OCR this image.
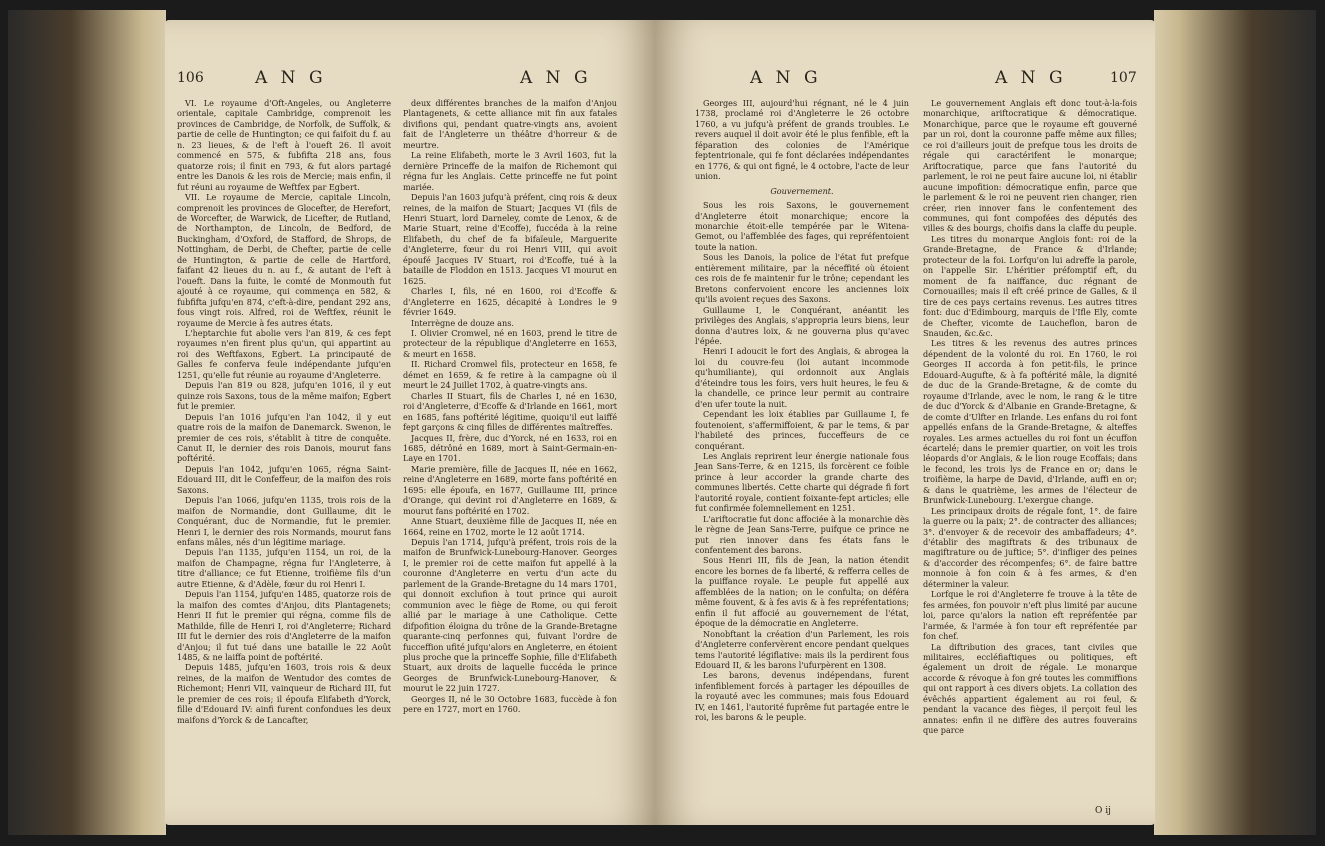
106	A N G	A N G

VI. Le royaume d'Oft-Angeles, ou Angleterre orientale, capitale Cambridge, comprenoit les provinces de Cambridge, de Norfolk, de Suffolk, & partie de celle de Huntington; ce qui faifoit du f. au n. 23 lieues, & de l'eft à l'oueft 26. Il avoit commencé en 575, & fubfifta 218 ans, fous quatorze rois; il finit en 793, & fut alors partagé entre les Danois & les rois de Mercie; mais enfin, il fut réuni au royaume de Weftfex par Egbert.

VII. Le royaume de Mercie, capitale Lincoln, comprenoit les provinces de Glocefter, de Herefort, de Worcefter, de Warwick, de Licefter, de Rutland, de Northampton, de Lincoln, de Bedford, de Buckingham, d'Oxford, de Stafford, de Shrops, de Nottingham, de Derbi, de Chefter, partie de celle de Huntington, & partie de celle de Hartford, faifant 42 lieues du n. au f., & autant de l'eft à l'oueft. Dans la fuite, le comté de Monmouth fut ajouté à ce royaume, qui commença en 582, & fubfifta jufqu'en 874, c'eft-à-dire, pendant 292 ans, fous vingt rois. Alfred, roi de Weftfex, réunit le royaume de Mercie à fes autres états.

L'heptarchie fut abolie vers l'an 819, & ces fept royaumes n'en firent plus qu'un, qui appartint au roi des Weftfaxons, Egbert. La principauté de Galles fe conferva feule indépendante jufqu'en 1251, qu'elle fut réunie au royaume d'Angleterre.

Depuis l'an 819 ou 828, jufqu'en 1016, il y eut quinze rois Saxons, tous de la même maifon; Egbert fut le premier.

Depuis l'an 1016 jufqu'en l'an 1042, il y eut quatre rois de la maifon de Danemarck. Swenon, le premier de ces rois, s'établit à titre de conquête. Canut II, le dernier des rois Danois, mourut fans poftérité.

Depuis l'an 1042, jufqu'en 1065, régna Saint-Edouard III, dit le Confeffeur, de la maifon des rois Saxons.

Depuis l'an 1066, jufqu'en 1135, trois rois de la maifon de Normandie, dont Guillaume, dit le Conquérant, duc de Normandie, fut le premier. Henri I, le dernier des rois Normands, mourut fans enfans mâles, nés d'un légitime mariage.

Depuis l'an 1135, jufqu'en 1154, un roi, de la maifon de Champagne, régna fur l'Angleterre, à titre d'alliance; ce fut Etienne, troifième fils d'un autre Etienne, & d'Adèle, fœur du roi Henri I.

Depuis l'an 1154, jufqu'en 1485, quatorze rois de la maifon des comtes d'Anjou, dits Plantagenets; Henri II fut le premier qui régna, comme fils de Mathilde, fille de Henri I, roi d'Angleterre; Richard III fut le dernier des rois d'Angleterre de la maifon d'Anjou; il fut tué dans une bataille le 22 Août 1485, & ne laiffa point de poftérité.

Depuis 1485, jufqu'en 1603, trois rois & deux reines, de la maifon de Wentudor des comtes de Richemont; Henri VII, vainqueur de Richard III, fut le premier de ces rois; il époufa Elifabeth d'Yorck, fille d'Edouard IV: ainfi furent confondues les deux maifons d'Yorck & de Lancafter,

deux différentes branches de la maifon d'Anjou Plantagenets, & cette alliance mit fin aux fatales divifions qui, pendant quatre-vingts ans, avoient fait de l'Angleterre un théâtre d'horreur & de meurtre.

La reine Elifabeth, morte le 3 Avril 1603, fut la dernière Princeffe de la maifon de Richemont qui régna fur les Anglais. Cette princeffe ne fut point mariée.

Depuis l'an 1603 jufqu'à préfent, cinq rois & deux reines, de la maifon de Stuart; Jacques VI (fils de Henri Stuart, lord Darneley, comte de Lenox, & de Marie Stuart, reine d'Ecoffe), fuccéda à la reine Elifabeth, du chef de fa bifaïeule, Marguerite d'Angleterre, fœur du roi Henri VIII, qui avoit époufé Jacques IV Stuart, roi d'Ecoffe, tué à la bataille de Floddon en 1513. Jacques VI mourut en 1625.

Charles I, fils, né en 1600, roi d'Ecoffe & d'Angleterre en 1625, décapité à Londres le 9 février 1649.

Interrègne de douze ans.

I. Olivier Cromwel, né en 1603, prend le titre de protecteur de la république d'Angleterre en 1653, & meurt en 1658.

II. Richard Cromwel fils, protecteur en 1658, fe démet en 1659, & fe retire à la campagne où il meurt le 24 Juillet 1702, à quatre-vingts ans.

Charles II Stuart, fils de Charles I, né en 1630, roi d'Angleterre, d'Ecoffe & d'Irlande en 1661, mort en 1685, fans poftérité légitime, quoiqu'il eut laiffé fept garçons & cinq filles de différentes maîtreffes.

Jacques II, frère, duc d'Yorck, né en 1633, roi en 1685, détrôné en 1689, mort à Saint-Germain-en-Laye en 1701.

Marie première, fille de Jacques II, née en 1662, reine d'Angleterre en 1689, morte fans poftérité en 1695: elle époufa, en 1677, Guillaume III, prince d'Orange, qui devint roi d'Angleterre en 1689, & mourut fans poftérité en 1702.

Anne Stuart, deuxième fille de Jacques II, née en 1664, reine en 1702, morte le 12 août 1714.

Depuis l'an 1714, jufqu'à préfent, trois rois de la maifon de Brunfwick-Lunebourg-Hanover. Georges I, le premier roi de cette maifon fut appellé à la couronne d'Angleterre en vertu d'un acte du parlement de la Grande-Bretagne du 14 mars 1701, qui donnoit exclufion à tout prince qui auroit communion avec le fiège de Rome, ou qui feroit allié par le mariage à une Catholique. Cette difpofition éloigna du trône de la Grande-Bretagne quarante-cinq perfonnes qui, fuivant l'ordre de fucceffion ufité jufqu'alors en Angleterre, en étoient plus proche que la princeffe Sophie, fille d'Elifabeth Stuart, aux droits de laquelle fuccéda le prince Georges de Brunfwick-Lunebourg-Hanover, & mourut le 22 juin 1727.

Georges II, né le 30 Octobre 1683, fuccède à fon pere en 1727, mort en 1760.

A N G	A N G	107

Georges III, aujourd'hui régnant, né le 4 juin 1738, proclamé roi d'Angleterre le 26 octobre 1760, a vu jufqu'à préfent de grands troubles. Le revers auquel il doit avoir été le plus fenfible, eft la féparation des colonies de l'Amérique feptentrionale, qui fe font déclarées indépendantes en 1776, & qui ont figné, le 4 octobre, l'acte de leur union.

Gouvernement.

Sous les rois Saxons, le gouvernement d'Angleterre étoit monarchique; encore la monarchie étoit-elle tempérée par le Witena-Gemot, ou l'affemblée des fages, qui repréfentoient toute la nation.

Sous les Danois, la police de l'état fut prefque entièrement militaire, par la néceffité où étoient ces rois de fe maintenir fur le trône; cependant les Bretons confervoient encore les anciennes loix qu'ils avoient reçues des Saxons.

Guillaume I, le Conquérant, anéantit les privilèges des Anglais, s'appropria leurs biens, leur donna d'autres loix, & ne gouverna plus qu'avec l'épée.

Henri I adoucit le fort des Anglais, & abrogea la loi du couvre-feu (loi autant incommode qu'humiliante), qui ordonnoit aux Anglais d'éteindre tous les foirs, vers huit heures, le feu & la chandelle, ce prince leur permit au contraire d'en ufer toute la nuit.

Cependant les loix établies par Guillaume I, fe foutenoient, s'affermiffoient, & par le tems, & par l'habileté des princes, fucceffeurs de ce conquérant.

Les Anglais reprirent leur énergie nationale fous Jean Sans-Terre, & en 1215, ils forcèrent ce foible prince à leur accorder la grande charte des communes libertés. Cette charte qui dégrade fi fort l'autorité royale, contient foixante-fept articles; elle fut confirmée folemnellement en 1251.

L'ariftocratie fut donc affociée à la monarchie dès le règne de Jean Sans-Terre, puifque ce prince ne put rien innover dans fes états fans le confentement des barons.

Sous Henri III, fils de Jean, la nation étendit encore les bornes de fa liberté, & refferra celles de la puiffance royale. Le peuple fut appellé aux affemblées de la nation; on le confulta; on déféra même fouvent, & à fes avis & à fes repréfentations; enfin il fut affocié au gouvernement de l'état, époque de la démocratie en Angleterre.

Nonobftant la création d'un Parlement, les rois d'Angleterre confervèrent encore pendant quelques tems l'autorité légiflative: mais ils la perdirent fous Edouard II, & les barons l'ufurpèrent en 1308.

Les barons, devenus indépendans, furent infenfiblement forcés à partager les dépouilles de la royauté avec les communes; mais fous Edouard IV, en 1461, l'autorité fuprême fut partagée entre le roi, les barons & le peuple.

Le gouvernement Anglais eft donc tout-à-la-fois monarchique, ariftocratique & démocratique. Monarchique, parce que le royaume eft gouverné par un roi, dont la couronne paffe même aux filles; ce roi d'ailleurs jouit de prefque tous les droits de régale qui caractérifent le monarque; Ariftocratique, parce que fans l'autorité du parlement, le roi ne peut faire aucune loi, ni établir aucune impofition: démocratique enfin, parce que le parlement & le roi ne peuvent rien changer, rien créer, rien innover fans le confentement des communes, qui font compofées des députés des villes & des bourgs, choifis dans la claffe du peuple.

Les titres du monarque Anglois font: roi de la Grande-Bretagne, de France & d'Irlande; protecteur de la foi. Lorfqu'on lui adreffe la parole, on l'appelle Sir. L'héritier préfomptif eft, du moment de fa naiffance, duc régnant de Cornouailles; mais il eft créé prince de Galles, & il tire de ces pays certains revenus. Les autres titres font: duc d'Edimbourg, marquis de l'Ifle Ely, comte de Chefter, vicomte de Laucheflon, baron de Snauden, &c.&c.

Les titres & les revenus des autres princes dépendent de la volonté du roi. En 1760, le roi Georges II accorda à fon petit-fils, le prince Edouard-Augufte, & à fa poftérité mâle, la dignité de duc de la Grande-Bretagne, & de comte du royaume d'Irlande, avec le nom, le rang & le titre de duc d'Yorck & d'Albanie en Grande-Bretagne, & de comte d'Ulfter en Irlande. Les enfans du roi font appellés enfans de la Grande-Bretagne, & alteffes royales. Les armes actuelles du roi font un écuffon écartelé; dans le premier quartier, on voit les trois léopards d'or Anglais, & le lion rouge Ecoffais; dans le fecond, les trois lys de France en or; dans le troifième, la harpe de David, d'Irlande, auffi en or; & dans le quatrième, les armes de l'électeur de Brunfwick-Lunebourg. L'exergue change.

Les principaux droits de régale font, 1°. de faire la guerre ou la paix; 2°. de contracter des alliances; 3°. d'envoyer & de recevoir des ambaffadeurs; 4°. d'établir des magiftrats & des tribunaux de magiftrature ou de juftice; 5°. d'infliger des peines & d'accorder des récompenfes; 6°. de faire battre monnoie à fon coin & à fes armes, & d'en déterminer la valeur.

Lorfque le roi d'Angleterre fe trouve à la tête de fes armées, fon pouvoir n'eft plus limité par aucune loi, parce qu'alors la nation eft repréfentée par l'armée, & l'armée à fon tour eft repréfentée par fon chef.

La diftribution des graces, tant civiles que militaires, eccléfiaftiques ou politiques, eft également un droit de régale. Le monarque accorde & révoque à fon gré toutes les commiffions qui ont rapport à ces divers objets. La collation des évêchés appartient également au roi feul, & pendant la vacance des fièges, il perçoit feul les annates: enfin il ne diffère des autres fouverains que parce

O ij
